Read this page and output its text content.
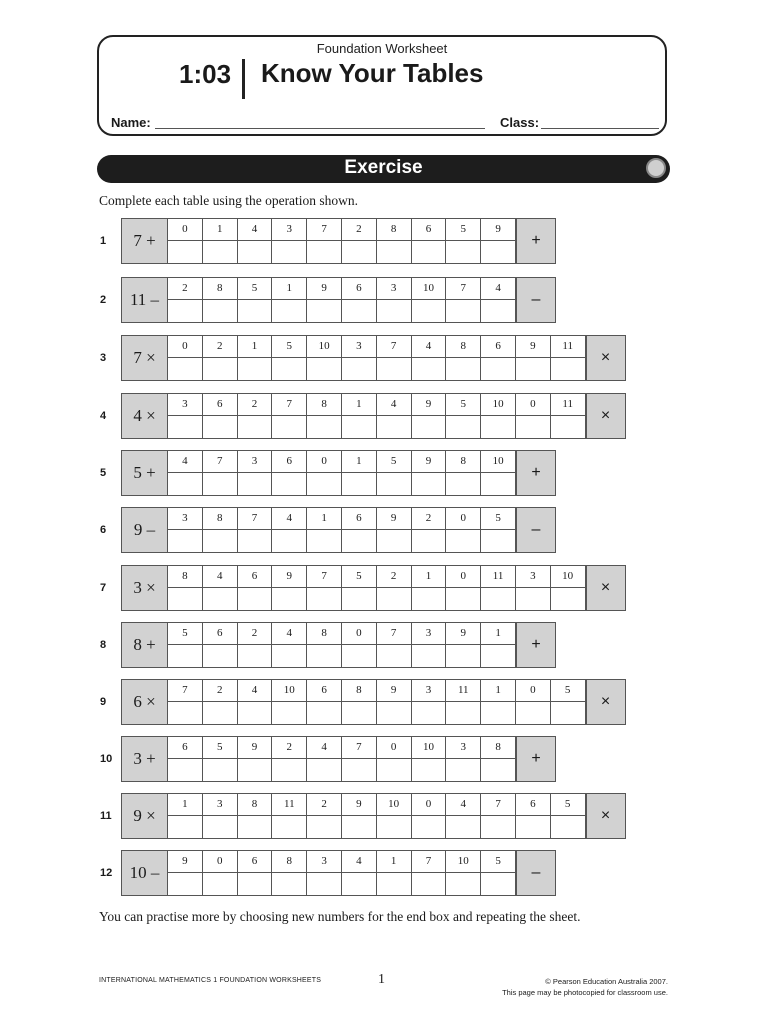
Foundation Worksheet
1:03 Know Your Tables
Name:	Class:
Exercise
Complete each table using the operation shown.
1	7 +
0	1	4	3	7	2	8	6	5	9
+
2	11 –
2	8	5	1	9	6	3	10	7	4
–
3	7 ×
0	2	1	5	10	3	7	4	8	6	9	11
×
4	4 ×
3	6	2	7	8	1	4	9	5	10	0	11
×
5	5 +
4	7	3	6	0	1	5	9	8	10
+
6	9 –
3	8	7	4	1	6	9	2	0	5
–
7	3 ×
8	4	6	9	7	5	2	1	0	11	3	10
×
8	8 +
5	6	2	4	8	0	7	3	9	1
+
9	6 ×
7	2	4	10	6	8	9	3	11	1	0	5
×
10	3 +
6	5	9	2	4	7	0	10	3	8
+
11	9 ×
1	3	8	11	2	9	10	0	4	7	6	5
×
12	10 –
9	0	6	8	3	4	1	7	10	5
–
You can practise more by choosing new numbers for the end box and repeating the sheet.
INTERNATIONAL MATHEMATICS 1 FOUNDATION WORKSHEETS	1	© Pearson Education Australia 2007.
This page may be photocopied for classroom use.
